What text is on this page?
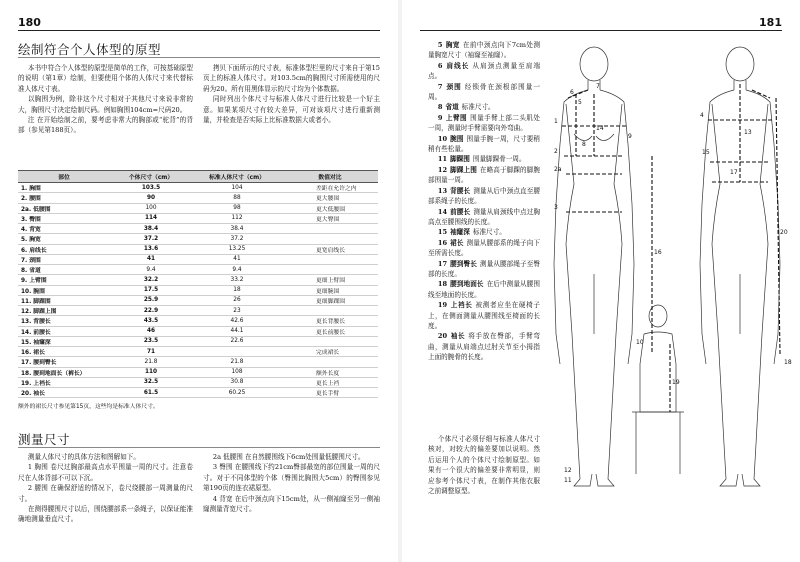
180
绘制符合个人体型的原型

本书中符合个人体型的原型是简单的工作，可按基础原型的说明（第1章）绘制，但要使用个体的人体尺寸来代替标准人体尺寸表。

以胸围为例，除非这个尺寸相对于其他尺寸来说非常的大，胸围尺寸决定绘制尺码。例如胸围104cm=尺码20。

注 在开始绘制之前，要考虑非常大的胸部或“驼背”的背部（参见第188页）。

拷贝下面所示的尺寸表，标准体型栏里的尺寸来自于第15页上的标准人体尺寸。对103.5cm的胸围尺寸所需使用的尺码为20。所有用黑体显示的尺寸均为个体数据。

同时列出个体尺寸与标准人体尺寸进行比较是一个好主意。如果某项尺寸有较大差异，可对该项尺寸进行重新测量，并检查是否实际上比标准数据大或者小。

部位	个体尺寸（cm）	标准人体尺寸（cm）	数值对比
1. 胸围	103.5	104	差距在允许之内
2. 腰围	90	88	更大腰围
2a. 低腰围	100	98	更大低腰围
3. 臀围	114	112	更大臀围
4. 背宽	38.4	38.4	
5. 胸宽	37.2	37.2	
6. 肩线长	13.6	13.25	更宽肩线长
7. 颈围	41	41	
8. 省道	9.4	9.4	
9. 上臂围	32.2	33.2	更细上臂围
10. 腕围	17.5	18	更细腕围
11. 脚踝围	25.9	26	更细脚踝围
12. 脚踝上围	22.9	23	
13. 背腰长	43.5	42.6	更长背腰长
14. 前腰长	46	44.1	更长前腰长
15. 袖窿深	23.5	22.6	
16. 裙长	71		完成裙长
17. 腰到臀长	21.8	21.8	
18. 腰到地面长（裤长）	110	108	额外长度
19. 上裆长	32.5	30.8	更长上裆
20. 袖长	61.5	60.25	更长手臂
额外的裙长尺寸参见第15页，这些均是标准人体尺寸。
测量尺寸

测量人体尺寸的具体方法和图解如下。

1 胸围 卷尺过胸部最高点水平围量一周的尺寸。注意卷尺在人体背部不可以下沉。

2 腰围 在确保舒适的情况下，卷尺绕腰部一周测量的尺寸。

在测得腰围尺寸以后，围绕腰部系一条绳子，以保证能准确地测量垂直尺寸。

2a 低腰围 在自然腰围线下6cm处围量低腰围尺寸。

3 臀围 在腰围线下约21cm臀部最宽的部位围量一周的尺寸。对于不同体型的个体（臀围比胸围大5cm）的臀围参见第190页的连衣裙原型。

4 背宽 在后中颈点向下15cm处，从一侧袖窿至另一侧袖窿测量背宽尺寸。

181

5 胸宽 在前中颈点向下7cm处测量胸宽尺寸（袖窿至袖窿）。

6 肩线长 从肩颈点测量至肩端点。

7 颈围 经锁骨在颈根部围量一周。

8 省道 标准尺寸。

9 上臂围 围量手臂上部二头肌处一周，测量时手臂需要向外弯曲。

10 腕围 围量手腕一周，尺寸要稍稍有些松量。

11 脚踝围 围量脚踝骨一周。

12 脚踝上围 在略高于脚踝的脚腕部围量一周。

13 背腰长 测量从后中颈点直至腰部系绳子的长度。

14 前腰长 测量从肩颈线中点过胸高点至腰围线的长度。

15 袖窿深 标准尺寸。

16 裙长 测量从腰部系的绳子向下至所需长度。

17 腰到臀长 测量从腰部绳子至臀部的长度。

18 腰到地面长 在后中测量从腰围线至地面的长度。

19 上裆长 被测者应坐在硬椅子上，在侧面测量从腰围线至椅面的长度。

20 袖长 将手放在臀部，手臂弯曲，测量从肩端点过肘关节至小拇指上面的腕骨的长度。

个体尺寸必须仔细与标准人体尺寸核对，对较大的偏差要加以说明。然后运用个人的个体尺寸绘制原型。如果有一个很大的偏差要非常明显，则应参考个体尺寸表，在制作其他衣服之前调整原型。

1
2
2a
3
4
5
6
7
8
9
10
11
12
13
14
15
16
17
18
19
20
